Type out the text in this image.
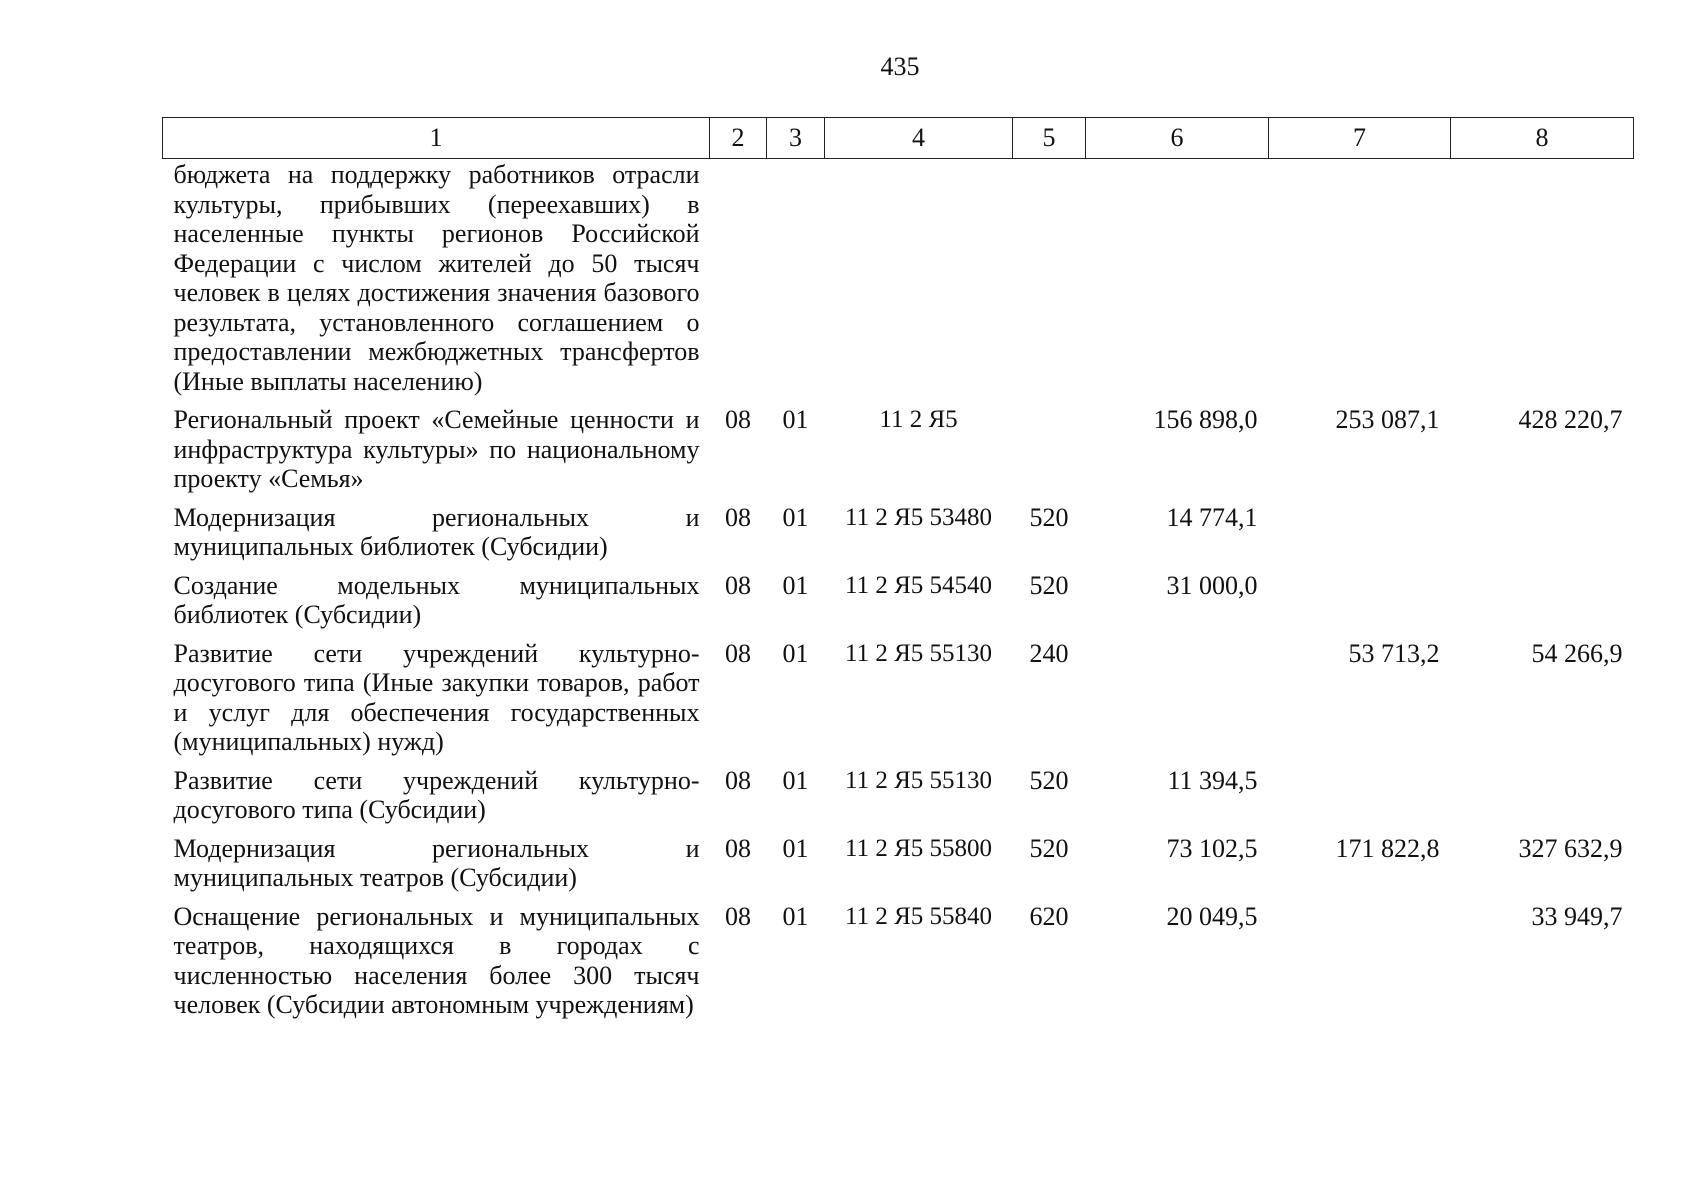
435
1	2	3	4	5	6	7	8
бюджета на поддержку работников отрасли культуры, прибывших (переехавших) в населенные пункты регионов Российской Федерации с числом жителей до 50 тысяч человек в целях достижения значения базового результата, установленного соглашением о предоставлении межбюджетных трансфертов (Иные выплаты населению)							
Региональный проект «Семейные ценности и инфраструктура культуры» по национальному проекту «Семья»	08	01	11 2 Я5		156 898,0	253 087,1	428 220,7
Модернизация региональных и муниципальных библиотек (Субсидии)	08	01	11 2 Я5 53480	520	14 774,1		
Создание модельных муниципальных библиотек (Субсидии)	08	01	11 2 Я5 54540	520	31 000,0		
Развитие сети учреждений культурно-досугового типа (Иные закупки товаров, работ и услуг для обеспечения государственных (муниципальных) нужд)	08	01	11 2 Я5 55130	240		53 713,2	54 266,9
Развитие сети учреждений культурно-досугового типа (Субсидии)	08	01	11 2 Я5 55130	520	11 394,5		
Модернизация региональных и муниципальных театров (Субсидии)	08	01	11 2 Я5 55800	520	73 102,5	171 822,8	327 632,9
Оснащение региональных и муниципальных театров, находящихся в городах с численностью населения более 300 тысяч человек (Субсидии автономным учреждениям)	08	01	11 2 Я5 55840	620	20 049,5		33 949,7
